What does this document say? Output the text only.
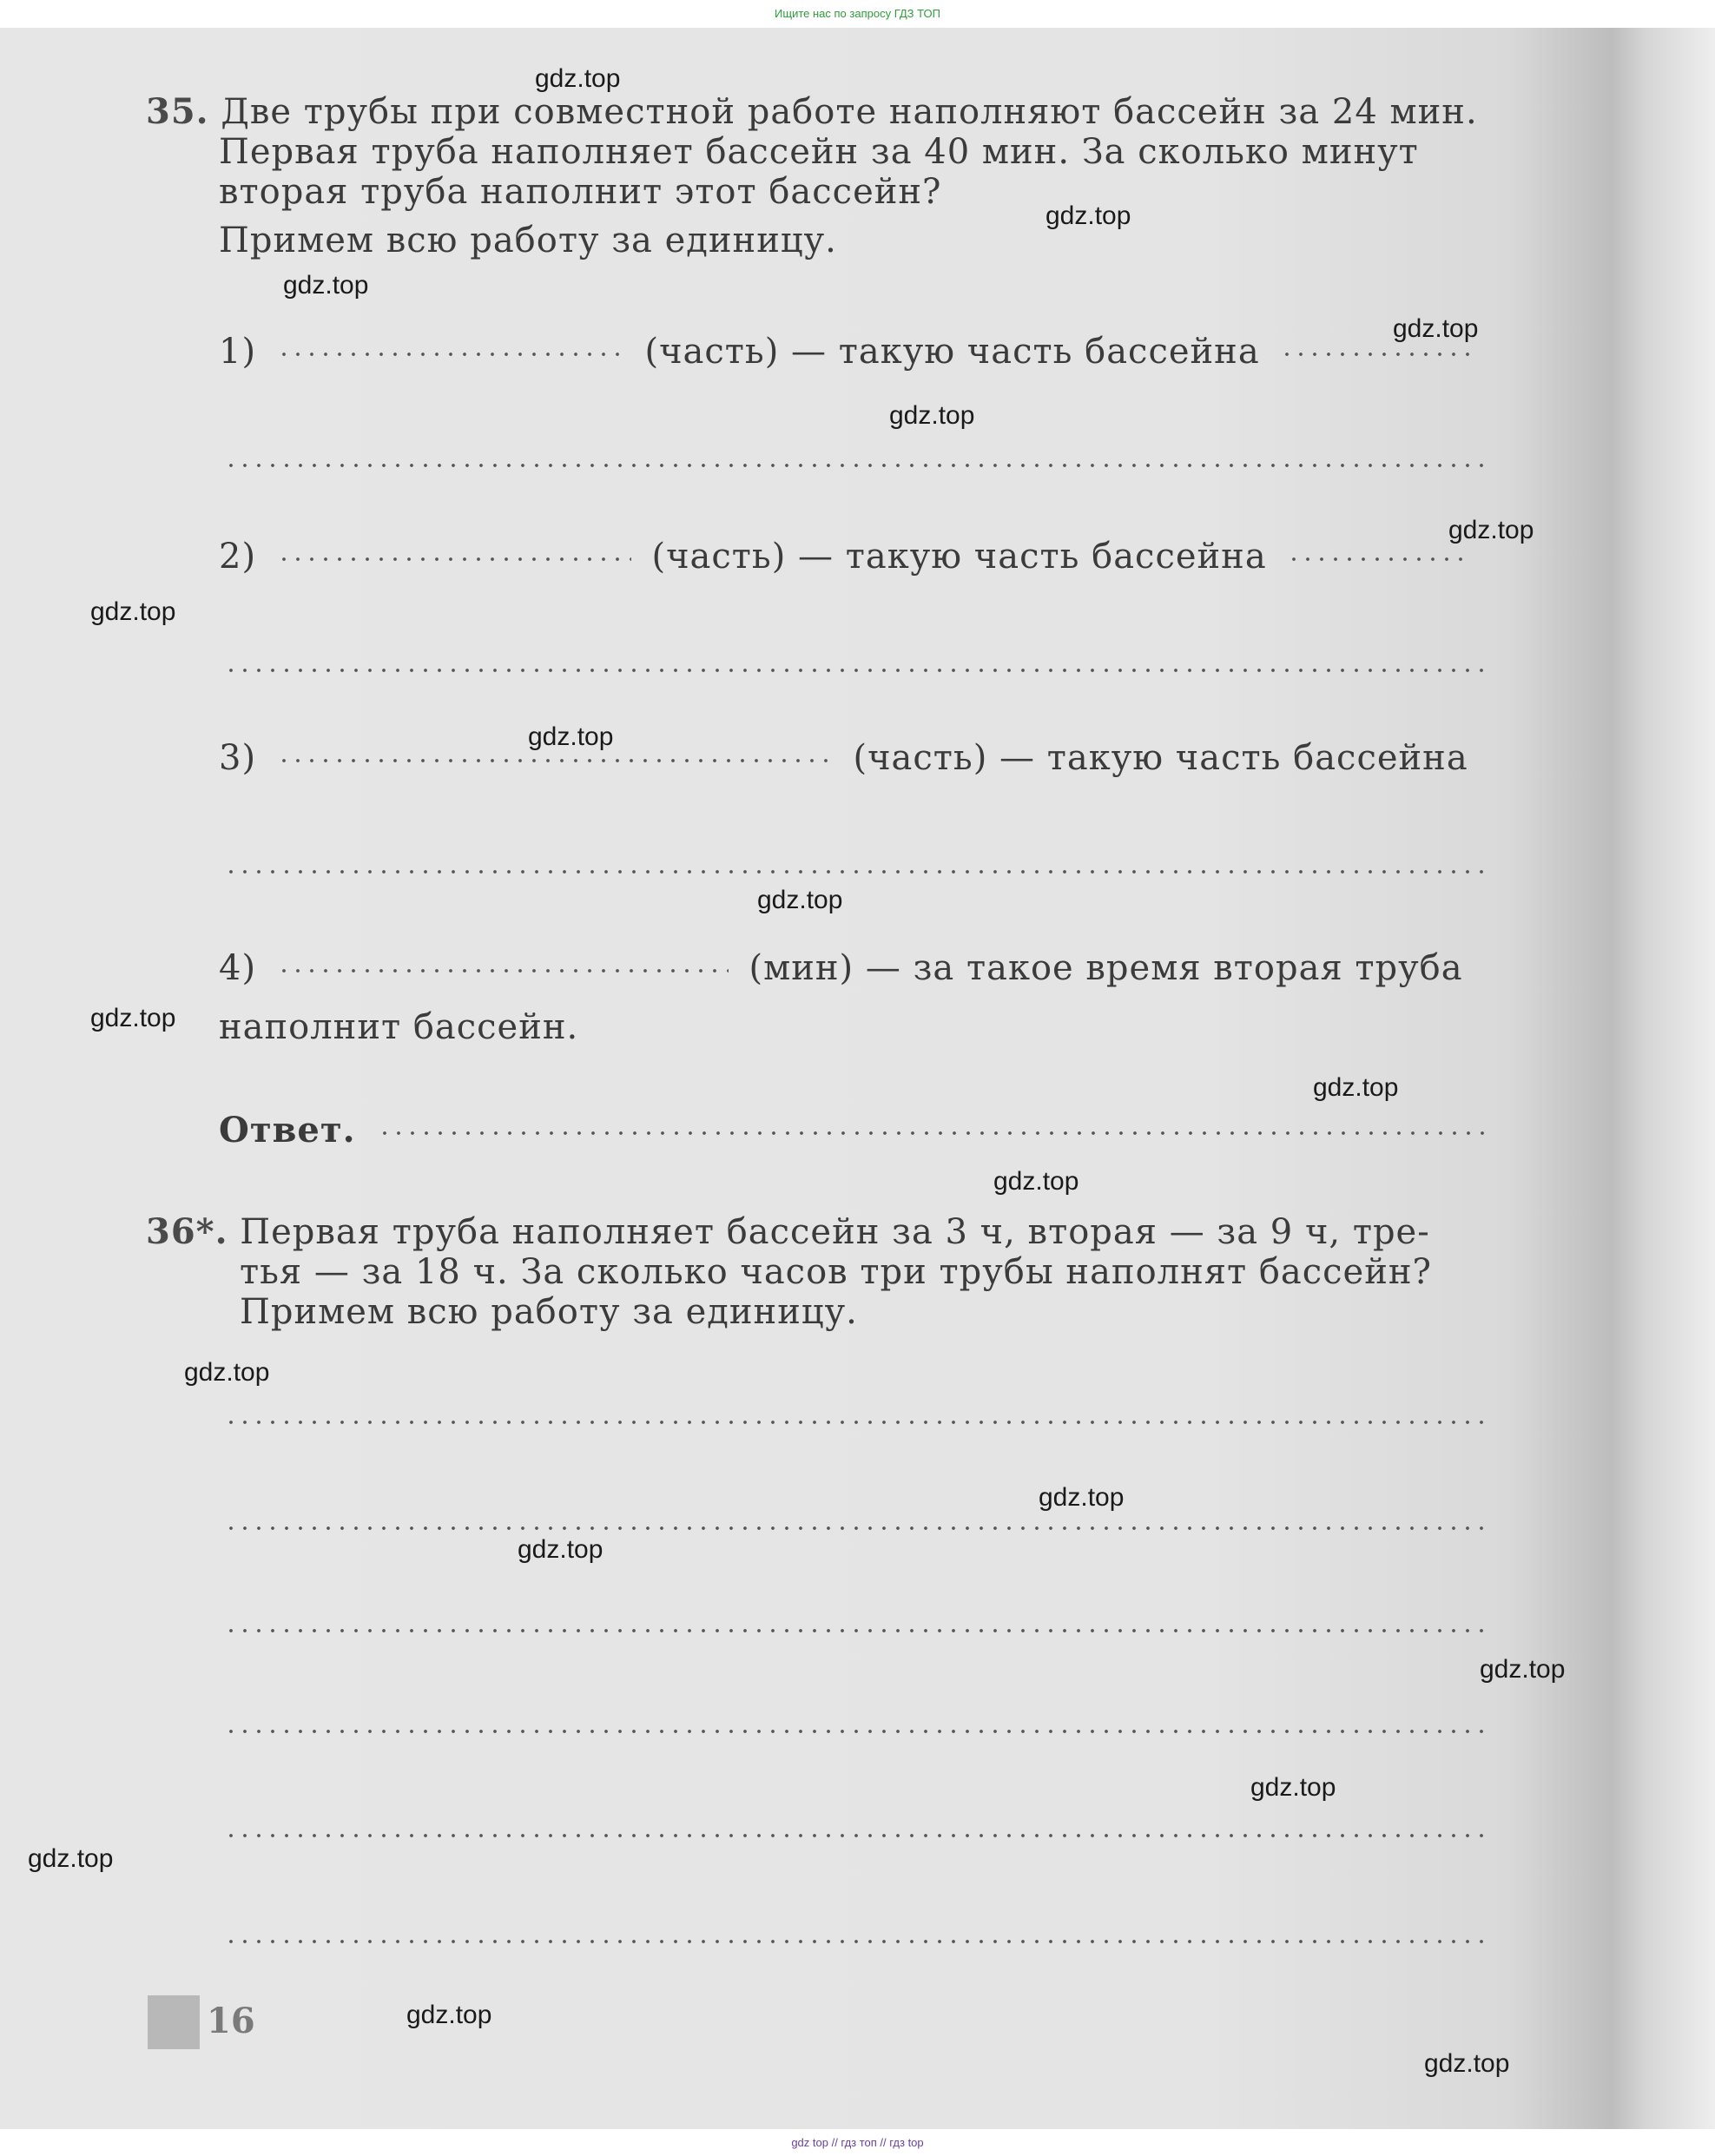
Ищите нас по запросу ГДЗ ТОП
35. Две трубы при совместной работе наполняют бассейн за 24 мин.
Первая труба наполняет бассейн за 40 мин. За сколько минут
вторая труба наполнит этот бассейн?
Примем всю работу за единицу.
1)	(часть) — такую часть бассейна
2)	(часть) — такую часть бассейна
3)	(часть) — такую часть бассейна
4)	(мин) — за такое время вторая труба
наполнит бассейн.
Ответ.
36*. Первая труба наполняет бассейн за 3 ч, вторая — за 9 ч, тре-
тья — за 18 ч. За сколько часов три трубы наполнят бассейн?
Примем всю работу за единицу.
16
gdz.top
gdz.top
gdz.top
gdz.top
gdz.top
gdz.top
gdz.top
gdz.top
gdz.top
gdz.top
gdz.top
gdz.top
gdz.top
gdz.top
gdz.top
gdz.top
gdz.top
gdz.top
gdz.top
gdz.top
gdz top // гдз топ // гдз top
